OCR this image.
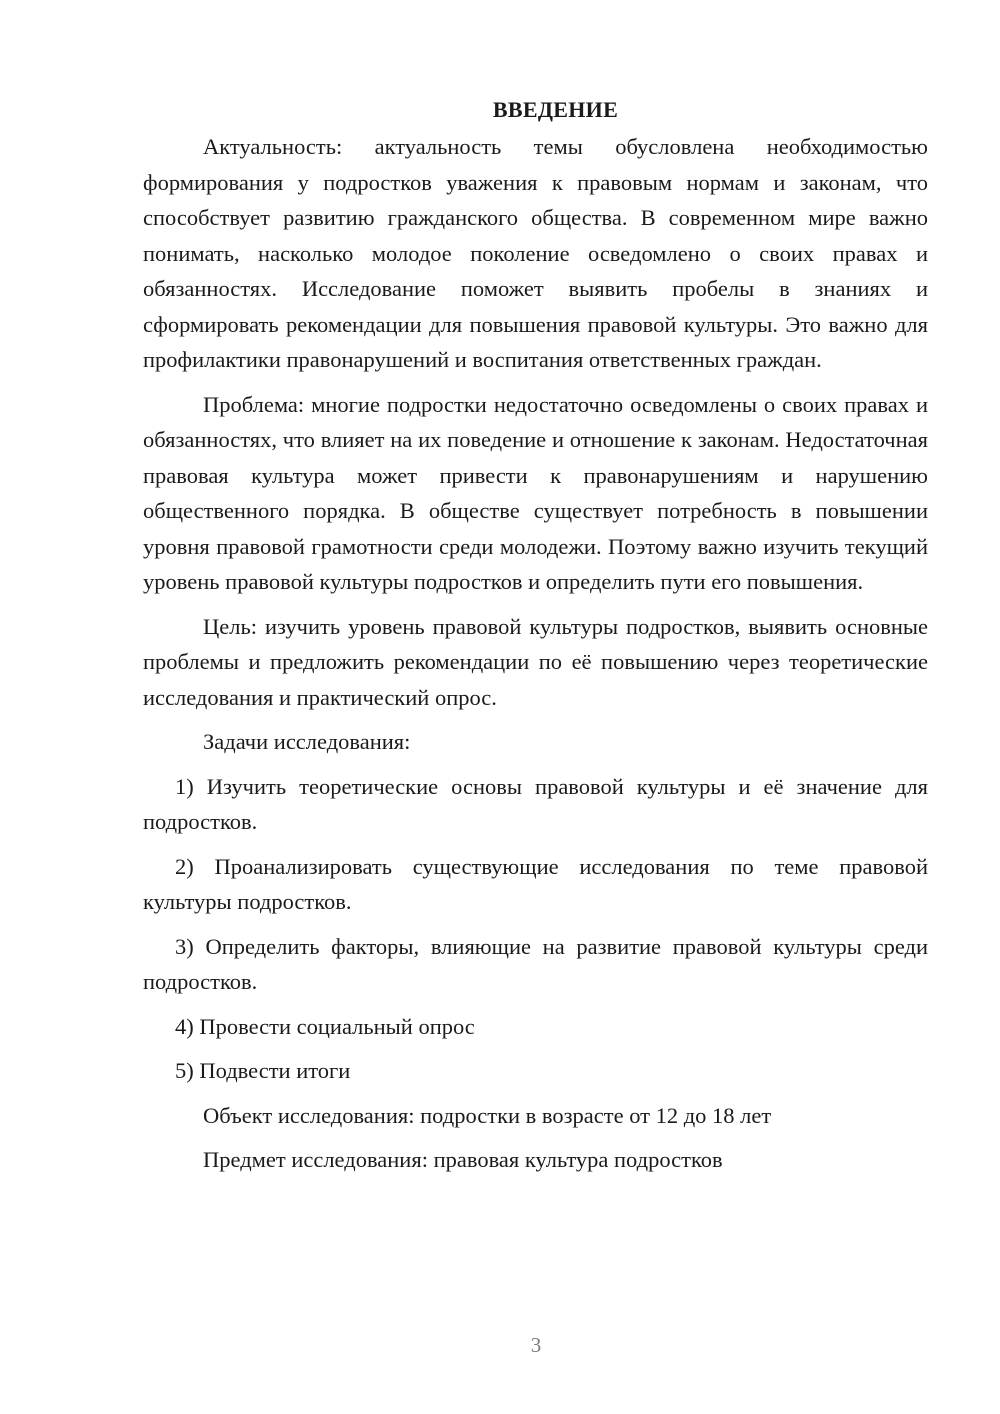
ВВЕДЕНИЕ

Актуальность: актуальность темы обусловлена необходимостью формирования у подростков уважения к правовым нормам и законам, что способствует развитию гражданского общества. В современном мире важно понимать, насколько молодое поколение осведомлено о своих правах и обязанностях. Исследование поможет выявить пробелы в знаниях и сформировать рекомендации для повышения правовой культуры. Это важно для профилактики правонарушений и воспитания ответственных граждан.

Проблема: многие подростки недостаточно осведомлены о своих правах и обязанностях, что влияет на их поведение и отношение к законам. Недостаточная правовая культура может привести к правонарушениям и нарушению общественного порядка. В обществе существует потребность в повышении уровня правовой грамотности среди молодежи. Поэтому важно изучить текущий уровень правовой культуры подростков и определить пути его повышения.

Цель: изучить уровень правовой культуры подростков, выявить основные проблемы и предложить рекомендации по её повышению через теоретические исследования и практический опрос.

Задачи исследования:

1) Изучить теоретические основы правовой культуры и её значение для подростков.

2) Проанализировать существующие исследования по теме правовой культуры подростков.

3) Определить факторы, влияющие на развитие правовой культуры среди подростков.

4) Провести социальный опрос

5) Подвести итоги

Объект исследования: подростки в возрасте от 12 до 18 лет

Предмет исследования: правовая культура подростков

3
